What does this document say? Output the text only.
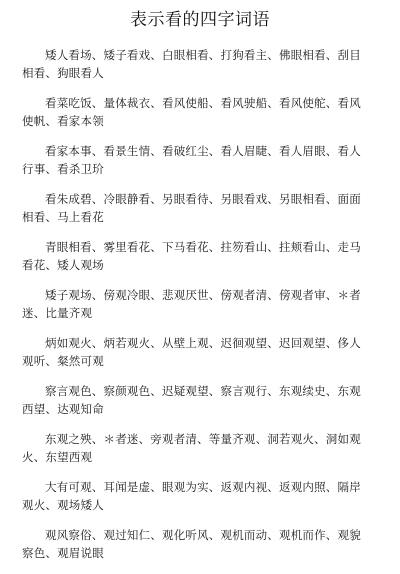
表示看的四字词语

矮人看场、矮子看戏、白眼相看、打狗看主、佛眼相看、刮目相看、狗眼看人

看菜吃饭、量体裁衣、看风使船、看风驶船、看风使舵、看风使帆、看家本领

看家本事、看景生情、看破红尘、看人眉睫、看人眉眼、看人行事、看杀卫玠

看朱成碧、冷眼静看、另眼看待、另眼看戏、另眼相看、面面相看、马上看花

青眼相看、雾里看花、下马看花、拄笏看山、拄颊看山、走马看花、矮人观场

矮子观场、傍观冷眼、悲观厌世、傍观者清、傍观者审、＊者迷、比量齐观

炳如观火、炳若观火、从壁上观、迟徊观望、迟回观望、侈人观听、粲然可观

察言观色、察颜观色、迟疑观望、察言观行、东观续史、东观西望、达观知命

东观之殃、＊者迷、旁观者清、等量齐观、洞若观火、洞如观火、东望西观

大有可观、耳闻是虚、眼观为实、返观内视、返观内照、隔岸观火、观场矮人

观风察俗、观过知仁、观化听风、观机而动、观机而作、观貌察色、观眉说眼
